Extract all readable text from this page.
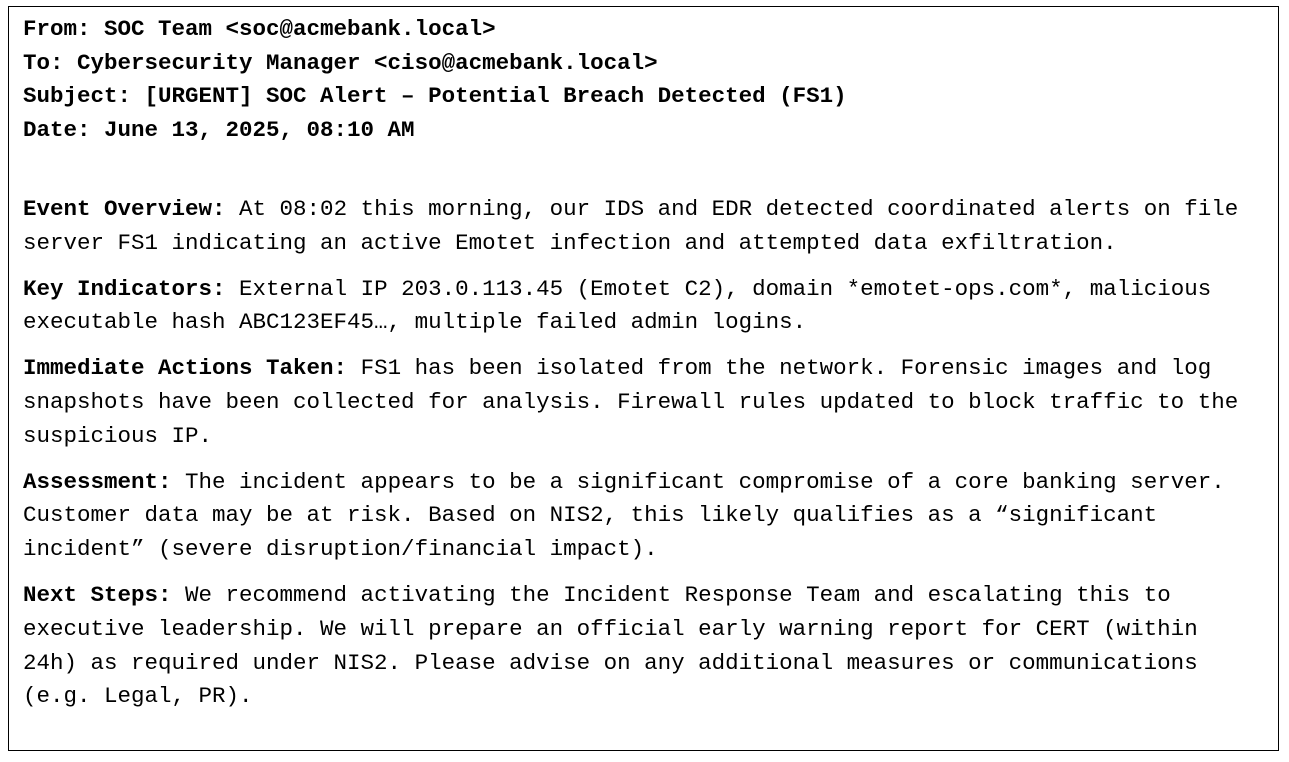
From: SOC Team <soc@acmebank.local>
To: Cybersecurity Manager <ciso@acmebank.local>
Subject: [URGENT] SOC Alert – Potential Breach Detected (FS1)
Date: June 13, 2025, 08:10 AM

Event Overview: At 08:02 this morning, our IDS and EDR detected coordinated alerts on file server FS1 indicating an active Emotet infection and attempted data exfiltration.

Key Indicators: External IP 203.0.113.45 (Emotet C2), domain *emotet-ops.com*, malicious executable hash ABC123EF45…, multiple failed admin logins.

Immediate Actions Taken: FS1 has been isolated from the network. Forensic images and log snapshots have been collected for analysis. Firewall rules updated to block traffic to the suspicious IP.

Assessment: The incident appears to be a significant compromise of a core banking server. Customer data may be at risk. Based on NIS2, this likely qualifies as a “significant incident” (severe disruption/financial impact).

Next Steps: We recommend activating the Incident Response Team and escalating this to executive leadership. We will prepare an official early warning report for CERT (within 24h) as required under NIS2. Please advise on any additional measures or communications (e.g. Legal, PR).
